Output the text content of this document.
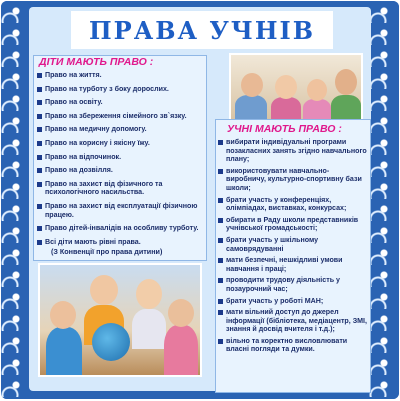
ПРАВА УЧНІВ
ДІТИ МАЮТЬ ПРАВО :
Право на життя.
Право на турботу з боку дорослих.
Право на освіту.
Право на збереження сімейного зв`язку.
Право на медичну допомогу.
Право на корисну і якісну їжу.
Право на відпочинок.
Право на дозвілля.
Право на захист від фізичного та психологічного насильства.
Право на захист від експлуатації фізичною працею.
Право дітей-інвалідів на особливу турботу.
Всі діти мають рівні права.
(З Конвенції про права дитини)
УЧНІ МАЮТЬ ПРАВО :
вибирати індивідуальні програми позакласних занять згідно навчального плану;
використовувати навчально-виробничу, культурно-спортивну бази школи;
брати участь у конференціях, олімпіадах, виставках, конкурсах;
обирати в Раду школи представників учнівської громадськості;
брати участь у шкільному самоврядуванні
мати безпечні, нешкідливі умови навчання і праці;
проводити трудову діяльність у позаурочний час;
брати участь у роботі МАН;
мати вільний доступ до джерел інформації (бібліотека, медіацентр, ЗМІ, знання й досвід вчителя і т.д.);
вільно та коректно висловлювати власні погляди та думки.
